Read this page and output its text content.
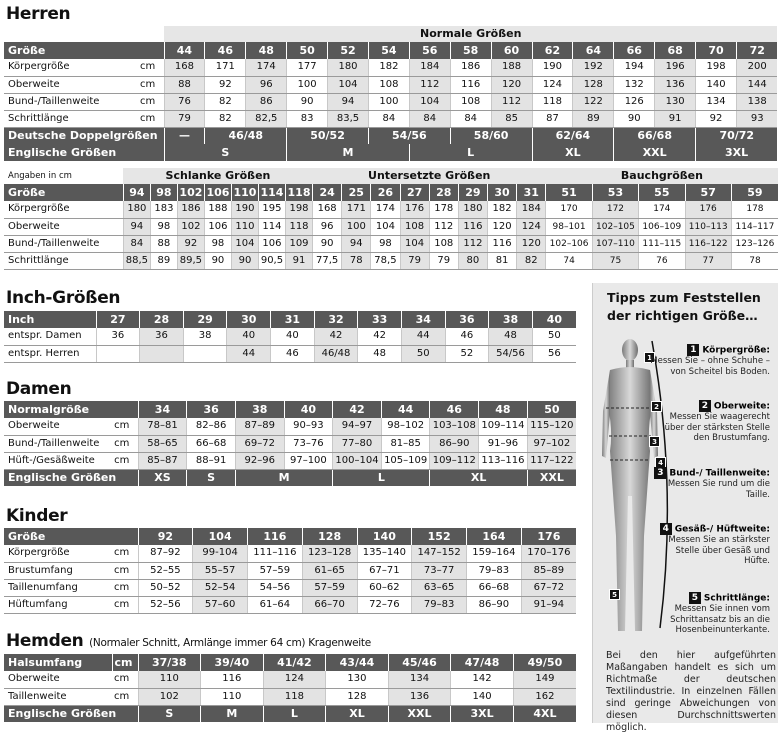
Herren
		Normale Größen															
Größe		44	46	48	50	52	54	56	58	60	62	64	66	68	70	72	
Körpergröße	cm	168	171	174	177	180	182	184	186	188	190	192	194	196	198	200	
Oberweite	cm	88	92	96	100	104	108	112	116	120	124	128	132	136	140	144	
Bund-/Taillenweite	cm	76	82	86	90	94	100	104	108	112	118	122	126	130	134	138	
Schrittlänge	cm	79	82	82,5	83	83,5	84	84	84	85	87	89	90	91	92	93	
Deutsche Doppelgrößen		—	46/48		50/52		54/56		58/60		62/64		66/68		70/72		
Englische Größen		S			M			L			XL		XXL		3XL			
Angaben in cm	Schlanke Größen							Untersetzte Größen								Bauchgrößen				
Größe	94	98	102	106	110	114	118	24	25	26	27	28	29	30	31	51	53	55	57	59
Körpergröße	180	183	186	188	190	195	198	168	171	174	176	178	180	182	184	170	172	174	176	178
Oberweite	94	98	102	106	110	114	118	96	100	104	108	112	116	120	124	98–101	102–105	106–109	110–113	114–117
Bund-/Taillenweite	84	88	92	98	104	106	109	90	94	98	104	108	112	116	120	102–106	107–110	111–115	116–122	123–126
Schrittlänge	88,5	89	89,5	90	90	90,5	91	77,5	78	78,5	79	79	80	81	82	74	75	76	77	78
Inch-Größen
Inch	27	28	29	30	31	32	33	34	36	38	40
entspr. Damen	36	36	38	40	40	42	42	44	46	48	50
entspr. Herren				44	46	46/48	48	50	52	54/56	56
Damen
Normalgröße		34	36	38	40	42	44	46	48	50
Oberweite	cm	78–81	82–86	87–89	90–93	94–97	98–102	103–108	109–114	115–120
Bund-/Taillenweite	cm	58–65	66–68	69–72	73–76	77–80	81–85	86–90	91–96	97–102
Hüft-/Gesäßweite	cm	85–87	88–91	92–96	97–100	100–104	105–109	109–112	113–116	117–122
Englische Größen		XS	S	M		L		XL		XXL
Kinder
Größe		92	104	116	128	140	152	164	176
Körpergröße	cm	87–92	99-104	111–116	123–128	135–140	147–152	159–164	170–176
Brustumfang	cm	52–55	55–57	57–59	61–65	67–71	73–77	79–83	85–89
Taillenumfang	cm	50–52	52–54	54–56	57–59	60–62	63–65	66–68	67–72
Hüftumfang	cm	52–56	57–60	61–64	66–70	72–76	79–83	86–90	91–94
Hemden (Normaler Schnitt, Armlänge immer 64 cm) Kragenweite
Halsumfang	cm	37/38	39/40	41/42	43/44	45/46	47/48	49/50
Oberweite	cm	110	116	124	130	134	142	149
Taillenweite	cm	102	110	118	128	136	140	162
Englische Größen		S	M	L	XL	XXL	3XL	4XL
Tipps zum Feststellen der richtigen Größe…
1
2
3
4
5
1 Körpergröße:
Messen Sie – ohne Schuhe – von Scheitel bis Boden.
2 Oberweite:
Messen Sie waagerecht über der stärksten Stelle den Brustumfang.
3 Bund-/ Taillenweite:
Messen Sie rund um die Taille.
4 Gesäß-/ Hüftweite:
Messen Sie an stärkster Stelle über Gesäß und Hüfte.
5 Schrittlänge:
Messen Sie innen vom Schrittansatz bis an die Hosenbeinunterkante.
Bei den hier aufgeführten Maßangaben handelt es sich um Richtmaße der deutschen Textilindustrie. In einzelnen Fällen sind geringe Abweichungen von diesen Durchschnittswerten möglich.
